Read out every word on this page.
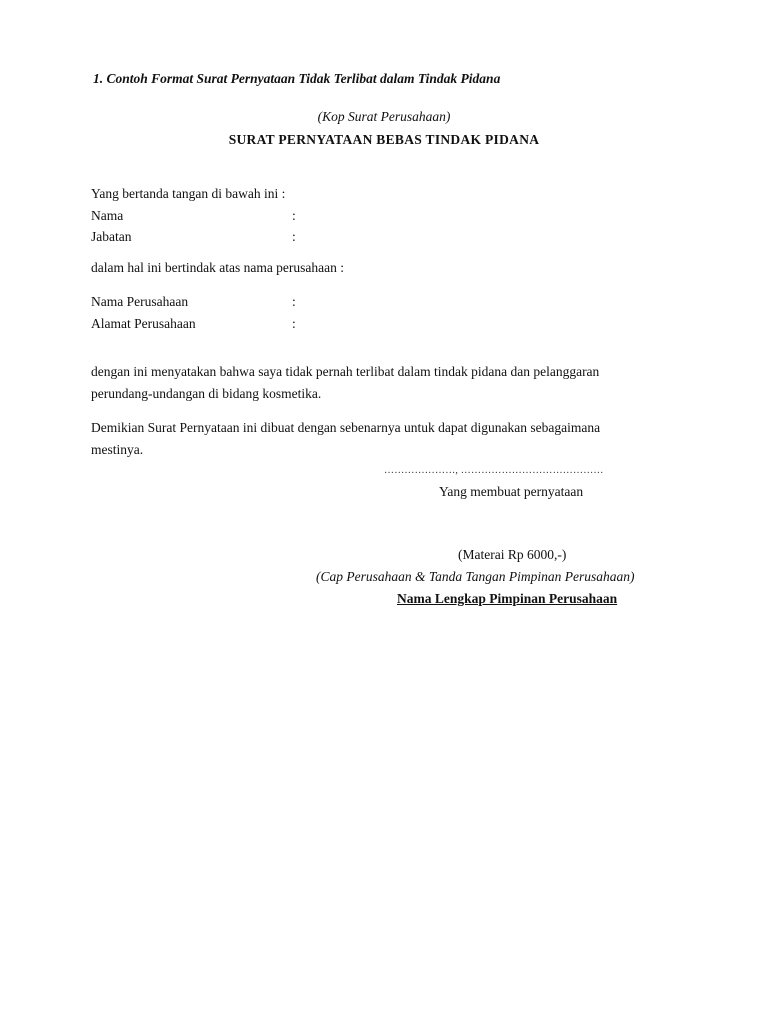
1. Contoh Format Surat Pernyataan Tidak Terlibat dalam Tindak Pidana
(Kop Surat Perusahaan)
SURAT PERNYATAAN BEBAS TINDAK PIDANA
Yang bertanda tangan di bawah ini :
Nama	:
Jabatan	:
dalam hal ini bertindak atas nama perusahaan :
Nama Perusahaan	:
Alamat Perusahaan	:
dengan ini menyatakan bahwa saya tidak pernah terlibat dalam tindak pidana dan pelanggaran
perundang-undangan di bidang kosmetika.
Demikian Surat Pernyataan ini dibuat dengan sebenarnya untuk dapat digunakan sebagaimana
mestinya.
…………………, ……………………………………
Yang membuat pernyataan
(Materai Rp 6000,-)
(Cap Perusahaan & Tanda Tangan Pimpinan Perusahaan)
Nama Lengkap Pimpinan Perusahaan
